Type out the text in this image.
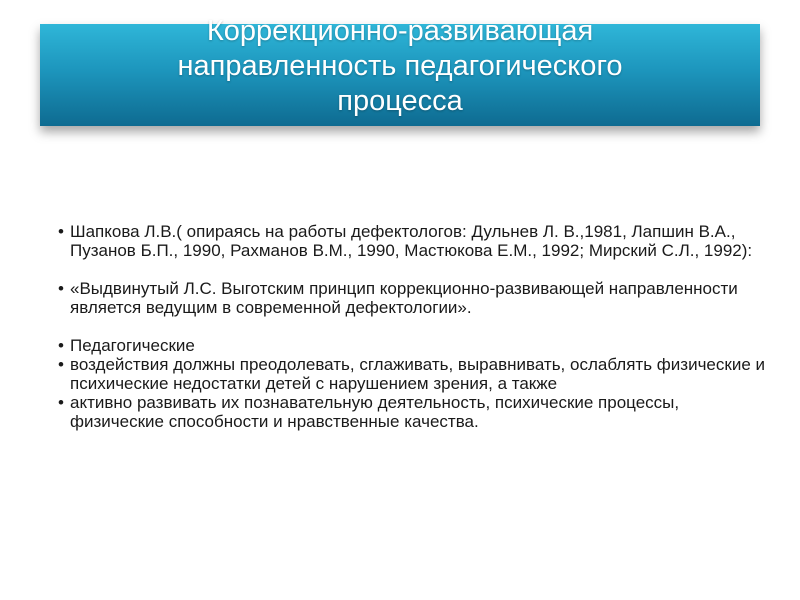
Коррекционно-развивающая
направленность педагогического
процесса
• Шапкова Л.В.( опираясь на работы дефектологов: Дульнев Л. В.,1981, Лапшин В.А., Пузанов Б.П., 1990, Рахманов В.М., 1990, Мастюкова Е.М., 1992; Мирский С.Л., 1992):
• «Выдвинутый Л.С. Выготским принцип коррекционно-развивающей направленности является ведущим в современной дефектологии».
• Педагогические
• воздействия должны преодолевать, сглаживать, выравнивать, ослаблять физические и психические недостатки детей с нарушением зрения, а также
• активно развивать их познавательную деятельность, психические процессы, физические способности и нравственные качества.
